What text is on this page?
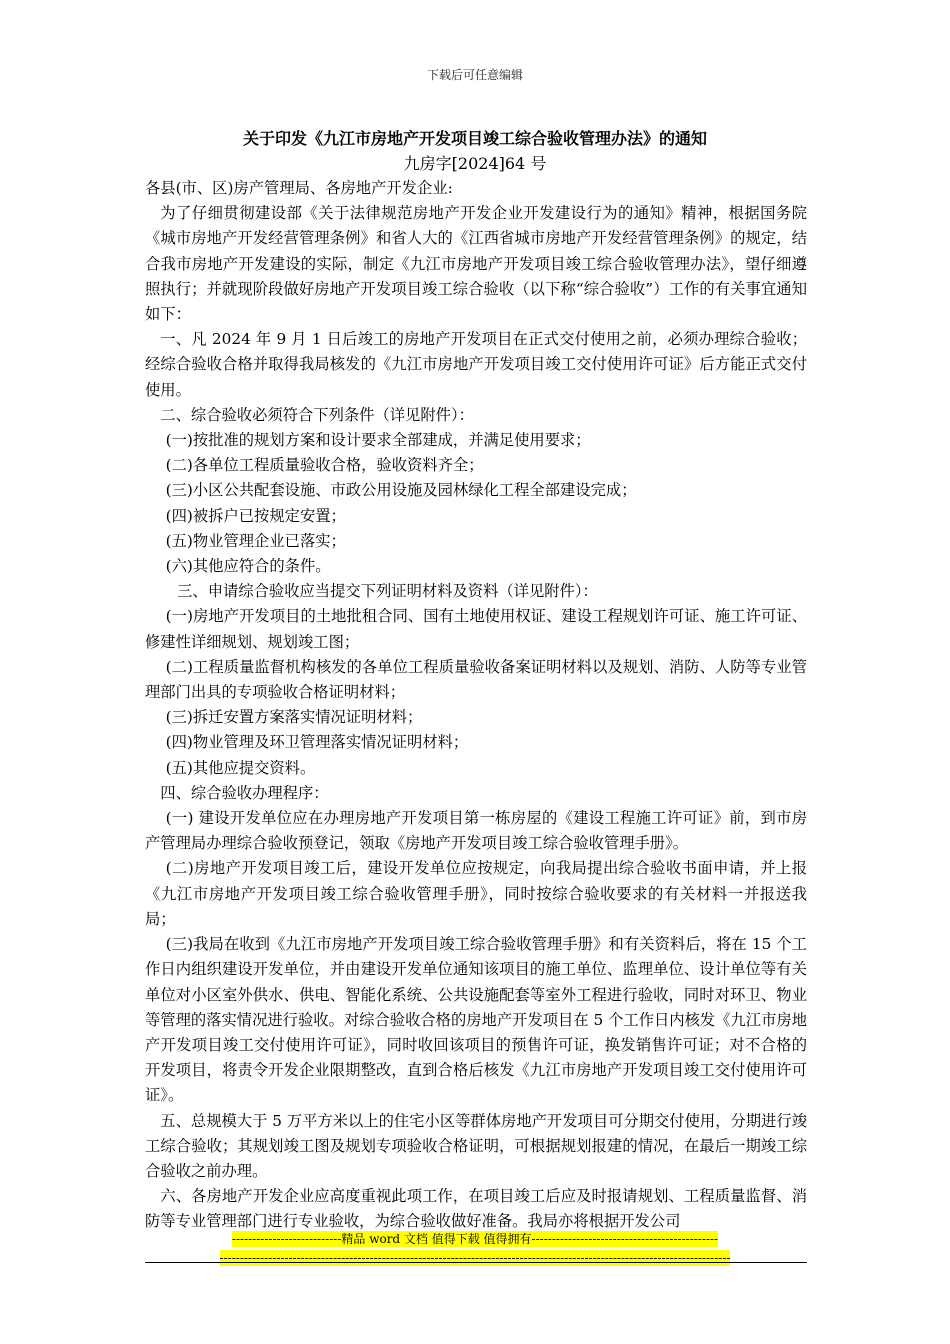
下载后可任意编辑
关于印发《九江市房地产开发项目竣工综合验收管理办法》的通知
九房字[2024]64 号

各县(市、区)房产管理局、各房地产开发企业:

为了仔细贯彻建设部《关于法律规范房地产开发企业开发建设行为的通知》精神，根据国务院《城市房地产开发经营管理条例》和省人大的《江西省城市房地产开发经营管理条例》的规定，结合我市房地产开发建设的实际，制定《九江市房地产开发项目竣工综合验收管理办法》，望仔细遵照执行；并就现阶段做好房地产开发项目竣工综合验收（以下称“综合验收”）工作的有关事宜通知如下：

一、凡 2024 年 9 月 1 日后竣工的房地产开发项目在正式交付使用之前，必须办理综合验收；经综合验收合格并取得我局核发的《九江市房地产开发项目竣工交付使用许可证》后方能正式交付使用。

二、综合验收必须符合下列条件（详见附件）：

(一)按批准的规划方案和设计要求全部建成，并满足使用要求；

(二)各单位工程质量验收合格，验收资料齐全；

(三)小区公共配套设施、市政公用设施及园林绿化工程全部建设完成；

(四)被拆户已按规定安置；

(五)物业管理企业已落实；

(六)其他应符合的条件。

三、申请综合验收应当提交下列证明材料及资料（详见附件）：

(一)房地产开发项目的土地批租合同、国有土地使用权证、建设工程规划许可证、施工许可证、修建性详细规划、规划竣工图；

(二)工程质量监督机构核发的各单位工程质量验收备案证明材料以及规划、消防、人防等专业管理部门出具的专项验收合格证明材料；

(三)拆迁安置方案落实情况证明材料；

(四)物业管理及环卫管理落实情况证明材料；

(五)其他应提交资料。

四、综合验收办理程序：

(一) 建设开发单位应在办理房地产开发项目第一栋房屋的《建设工程施工许可证》前，到市房产管理局办理综合验收预登记，领取《房地产开发项目竣工综合验收管理手册》。

(二)房地产开发项目竣工后，建设开发单位应按规定，向我局提出综合验收书面申请，并上报《九江市房地产开发项目竣工综合验收管理手册》，同时按综合验收要求的有关材料一并报送我局；

(三)我局在收到《九江市房地产开发项目竣工综合验收管理手册》和有关资料后，将在 15 个工作日内组织建设开发单位，并由建设开发单位通知该项目的施工单位、监理单位、设计单位等有关单位对小区室外供水、供电、智能化系统、公共设施配套等室外工程进行验收，同时对环卫、物业等管理的落实情况进行验收。对综合验收合格的房地产开发项目在 5 个工作日内核发《九江市房地产开发项目竣工交付使用许可证》，同时收回该项目的预售许可证，换发销售许可证；对不合格的开发项目，将责令开发企业限期整改，直到合格后核发《九江市房地产开发项目竣工交付使用许可证》。

五、总规模大于 5 万平方米以上的住宅小区等群体房地产开发项目可分期交付使用，分期进行竣工综合验收；其规划竣工图及规划专项验收合格证明，可根据规划报建的情况，在最后一期竣工综合验收之前办理。

六、各房地产开发企业应高度重视此项工作，在项目竣工后应及时报请规划、工程质量监督、消防等专业管理部门进行专业验收，为综合验收做好准备。我局亦将根据开发公司

---------------------------精品 word 文档 值得下载 值得拥有----------------------------------------------
------------------------------------------------------------------------------------------------------------------------------
